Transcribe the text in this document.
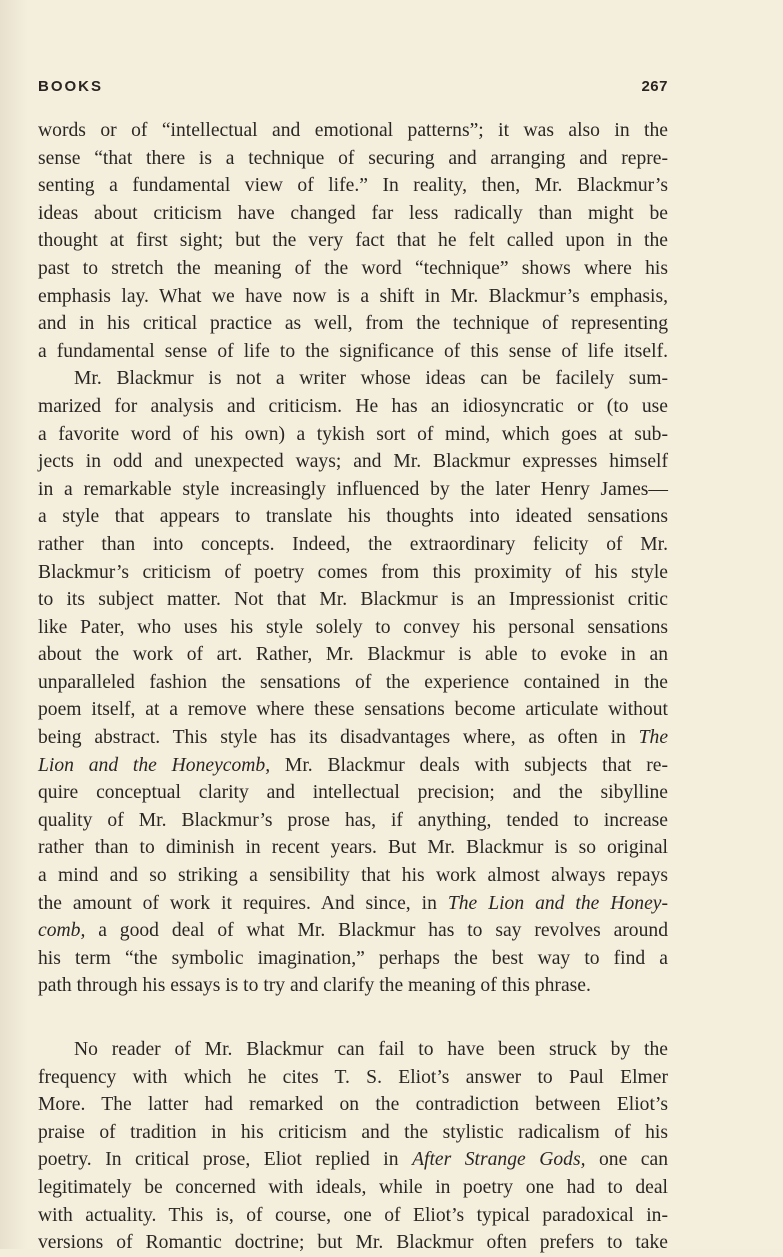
BOOKS	267
words or of “intellectual and emotional patterns”; it was also in the
sense “that there is a technique of securing and arranging and repre-
senting a fundamental view of life.” In reality, then, Mr. Blackmur’s
ideas about criticism have changed far less radically than might be
thought at first sight; but the very fact that he felt called upon in the
past to stretch the meaning of the word “technique” shows where his
emphasis lay. What we have now is a shift in Mr. Blackmur’s emphasis,
and in his critical practice as well, from the technique of representing
a fundamental sense of life to the significance of this sense of life itself.
Mr. Blackmur is not a writer whose ideas can be facilely sum-
marized for analysis and criticism. He has an idiosyncratic or (to use
a favorite word of his own) a tykish sort of mind, which goes at sub-
jects in odd and unexpected ways; and Mr. Blackmur expresses himself
in a remarkable style increasingly influenced by the later Henry James—
a style that appears to translate his thoughts into ideated sensations
rather than into concepts. Indeed, the extraordinary felicity of Mr.
Blackmur’s criticism of poetry comes from this proximity of his style
to its subject matter. Not that Mr. Blackmur is an Impressionist critic
like Pater, who uses his style solely to convey his personal sensations
about the work of art. Rather, Mr. Blackmur is able to evoke in an
unparalleled fashion the sensations of the experience contained in the
poem itself, at a remove where these sensations become articulate without
being abstract. This style has its disadvantages where, as often in The
Lion and the Honeycomb, Mr. Blackmur deals with subjects that re-
quire conceptual clarity and intellectual precision; and the sibylline
quality of Mr. Blackmur’s prose has, if anything, tended to increase
rather than to diminish in recent years. But Mr. Blackmur is so original
a mind and so striking a sensibility that his work almost always repays
the amount of work it requires. And since, in The Lion and the Honey-
comb, a good deal of what Mr. Blackmur has to say revolves around
his term “the symbolic imagination,” perhaps the best way to find a
path through his essays is to try and clarify the meaning of this phrase.
No reader of Mr. Blackmur can fail to have been struck by the
frequency with which he cites T. S. Eliot’s answer to Paul Elmer
More. The latter had remarked on the contradiction between Eliot’s
praise of tradition in his criticism and the stylistic radicalism of his
poetry. In critical prose, Eliot replied in After Strange Gods, one can
legitimately be concerned with ideals, while in poetry one had to deal
with actuality. This is, of course, one of Eliot’s typical paradoxical in-
versions of Romantic doctrine; but Mr. Blackmur often prefers to take
